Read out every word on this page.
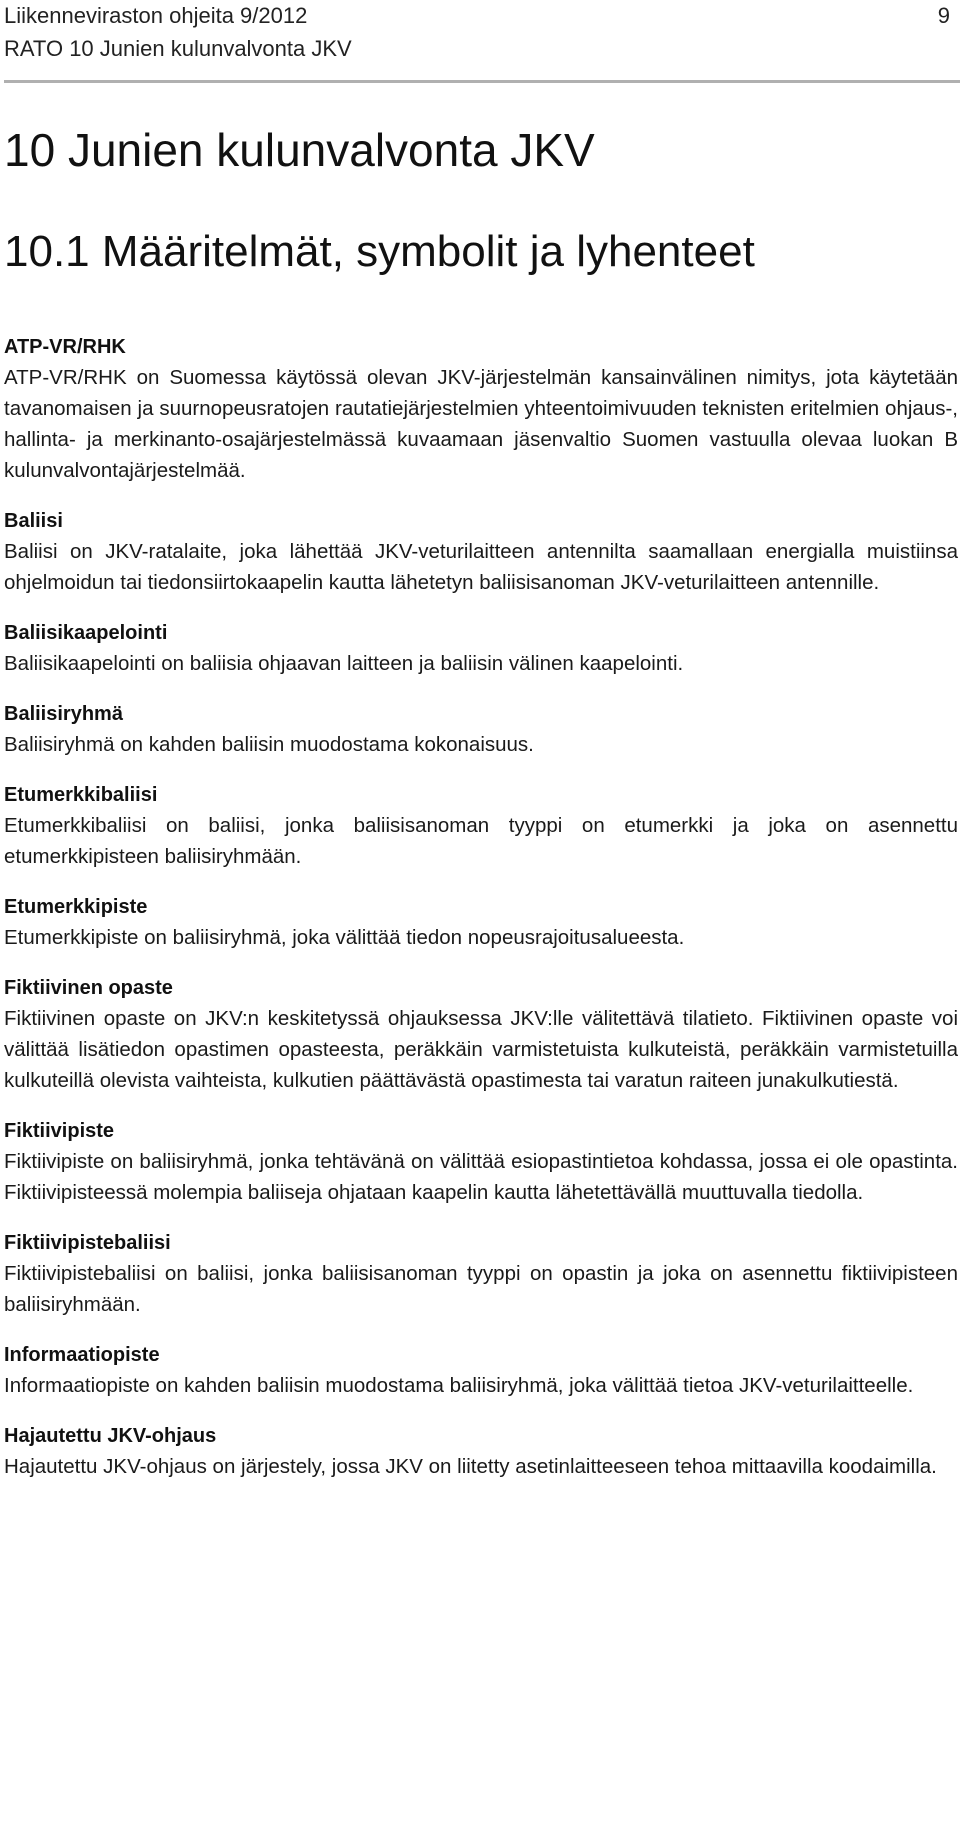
Liikenneviraston ohjeita 9/2012
RATO 10 Junien kulunvalvonta JKV
9
10 Junien kulunvalvonta JKV
10.1 Määritelmät, symbolit ja lyhenteet
ATP-VR/RHK

ATP-VR/RHK on Suomessa käytössä olevan JKV-järjestelmän kansainvälinen nimitys, jota käytetään tavanomaisen ja suurnopeusratojen rautatiejärjestelmien yhteentoimivuuden teknisten eritelmien ohjaus-, hallinta- ja merkinanto-osajärjestelmässä kuvaamaan jäsenvaltio Suomen vastuulla olevaa luokan B kulunvalvontajärjestelmää.

Baliisi

Baliisi on JKV-ratalaite, joka lähettää JKV-veturilaitteen antennilta saamallaan energialla muistiinsa ohjelmoidun tai tiedonsiirtokaapelin kautta lähetetyn baliisisanoman JKV-veturilaitteen antennille.

Baliisikaapelointi

Baliisikaapelointi on baliisia ohjaavan laitteen ja baliisin välinen kaapelointi.

Baliisiryhmä

Baliisiryhmä on kahden baliisin muodostama kokonaisuus.

Etumerkkibaliisi

Etumerkkibaliisi on baliisi, jonka baliisisanoman tyyppi on etumerkki ja joka on asennettu etumerkkipisteen baliisiryhmään.

Etumerkkipiste

Etumerkkipiste on baliisiryhmä, joka välittää tiedon nopeusrajoitusalueesta.

Fiktiivinen opaste

Fiktiivinen opaste on JKV:n keskitetyssä ohjauksessa JKV:lle välitettävä tilatieto. Fiktiivinen opaste voi välittää lisätiedon opastimen opasteesta, peräkkäin varmistetuista kulkuteistä, peräkkäin varmistetuilla kulkuteillä olevista vaihteista, kulkutien päättävästä opastimesta tai varatun raiteen junakulkutiestä.

Fiktiivipiste

Fiktiivipiste on baliisiryhmä, jonka tehtävänä on välittää esiopastintietoa kohdassa, jossa ei ole opastinta. Fiktiivipisteessä molempia baliiseja ohjataan kaapelin kautta lähetettävällä muuttuvalla tiedolla.

Fiktiivipistebaliisi

Fiktiivipistebaliisi on baliisi, jonka baliisisanoman tyyppi on opastin ja joka on asennettu fiktiivipisteen baliisiryhmään.

Informaatiopiste

Informaatiopiste on kahden baliisin muodostama baliisiryhmä, joka välittää tietoa JKV-veturilaitteelle.

Hajautettu JKV-ohjaus

Hajautettu JKV-ohjaus on järjestely, jossa JKV on liitetty asetinlaitteeseen tehoa mittaavilla koodaimilla.
